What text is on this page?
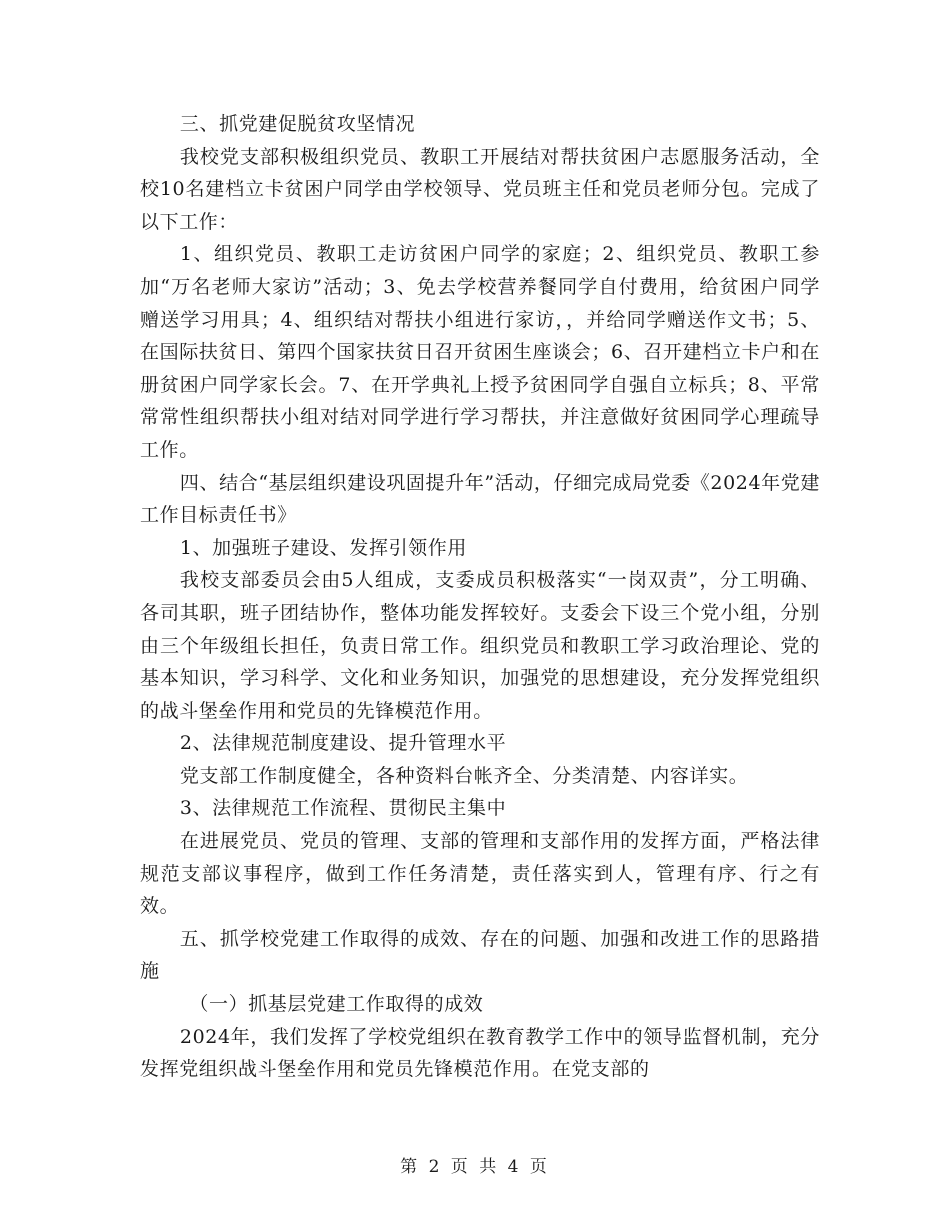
三、抓党建促脱贫攻坚情况

我校党支部积极组织党员、教职工开展结对帮扶贫困户志愿服务活动，全校10名建档立卡贫困户同学由学校领导、党员班主任和党员老师分包。完成了以下工作：

1、组织党员、教职工走访贫困户同学的家庭；2、组织党员、教职工参加“万名老师大家访”活动；3、免去学校营养餐同学自付费用，给贫困户同学赠送学习用具；4、组织结对帮扶小组进行家访，，并给同学赠送作文书；5、在国际扶贫日、第四个国家扶贫日召开贫困生座谈会；6、召开建档立卡户和在册贫困户同学家长会。7、在开学典礼上授予贫困同学自强自立标兵；8、平常常常性组织帮扶小组对结对同学进行学习帮扶，并注意做好贫困同学心理疏导工作。

四、结合“基层组织建设巩固提升年”活动，仔细完成局党委《2024年党建工作目标责任书》

1、加强班子建设、发挥引领作用

我校支部委员会由5人组成，支委成员积极落实“一岗双责”，分工明确、各司其职，班子团结协作，整体功能发挥较好。支委会下设三个党小组，分别由三个年级组长担任，负责日常工作。组织党员和教职工学习政治理论、党的基本知识，学习科学、文化和业务知识，加强党的思想建设，充分发挥党组织的战斗堡垒作用和党员的先锋模范作用。

2、法律规范制度建设、提升管理水平

党支部工作制度健全，各种资料台帐齐全、分类清楚、内容详实。

3、法律规范工作流程、贯彻民主集中

在进展党员、党员的管理、支部的管理和支部作用的发挥方面，严格法律规范支部议事程序，做到工作任务清楚，责任落实到人，管理有序、行之有效。

五、抓学校党建工作取得的成效、存在的问题、加强和改进工作的思路措施

（一）抓基层党建工作取得的成效

2024年，我们发挥了学校党组织在教育教学工作中的领导监督机制，充分发挥党组织战斗堡垒作用和党员先锋模范作用。在党支部的

第 2 页 共 4 页
